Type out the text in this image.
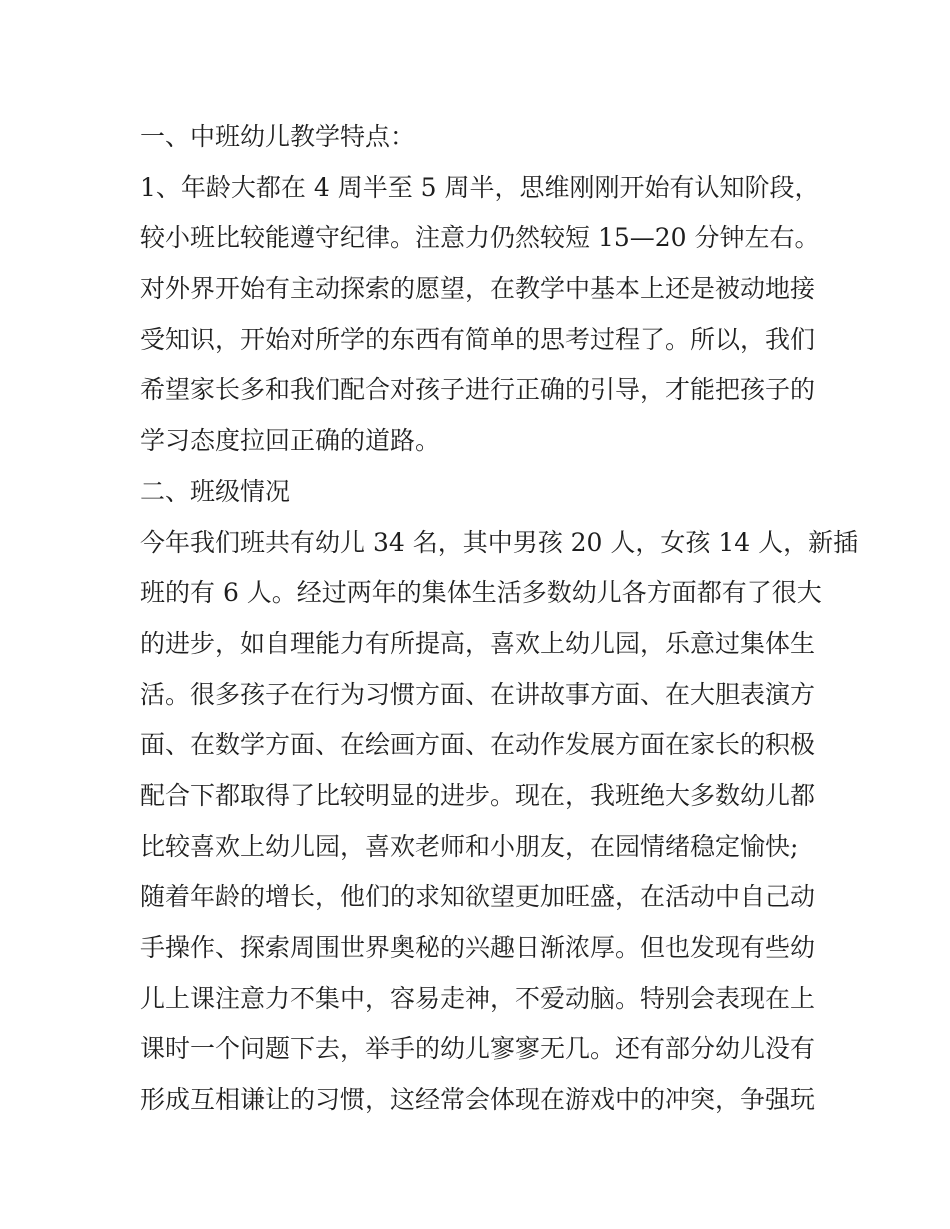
一、中班幼儿教学特点：
1、年龄大都在 4 周半至 5 周半，思维刚刚开始有认知阶段，
较小班比较能遵守纪律。注意力仍然较短 15—20 分钟左右。
对外界开始有主动探索的愿望，在教学中基本上还是被动地接
受知识，开始对所学的东西有简单的思考过程了。所以，我们
希望家长多和我们配合对孩子进行正确的引导，才能把孩子的
学习态度拉回正确的道路。
二、班级情况
今年我们班共有幼儿 34 名，其中男孩 20 人，女孩 14 人，新插
班的有 6 人。经过两年的集体生活多数幼儿各方面都有了很大
的进步，如自理能力有所提高，喜欢上幼儿园，乐意过集体生
活。很多孩子在行为习惯方面、在讲故事方面、在大胆表演方
面、在数学方面、在绘画方面、在动作发展方面在家长的积极
配合下都取得了比较明显的进步。现在，我班绝大多数幼儿都
比较喜欢上幼儿园，喜欢老师和小朋友，在园情绪稳定愉快;
随着年龄的增长，他们的求知欲望更加旺盛，在活动中自己动
手操作、探索周围世界奥秘的兴趣日渐浓厚。但也发现有些幼
儿上课注意力不集中，容易走神，不爱动脑。特别会表现在上
课时一个问题下去，举手的幼儿寥寥无几。还有部分幼儿没有
形成互相谦让的习惯，这经常会体现在游戏中的冲突，争强玩
